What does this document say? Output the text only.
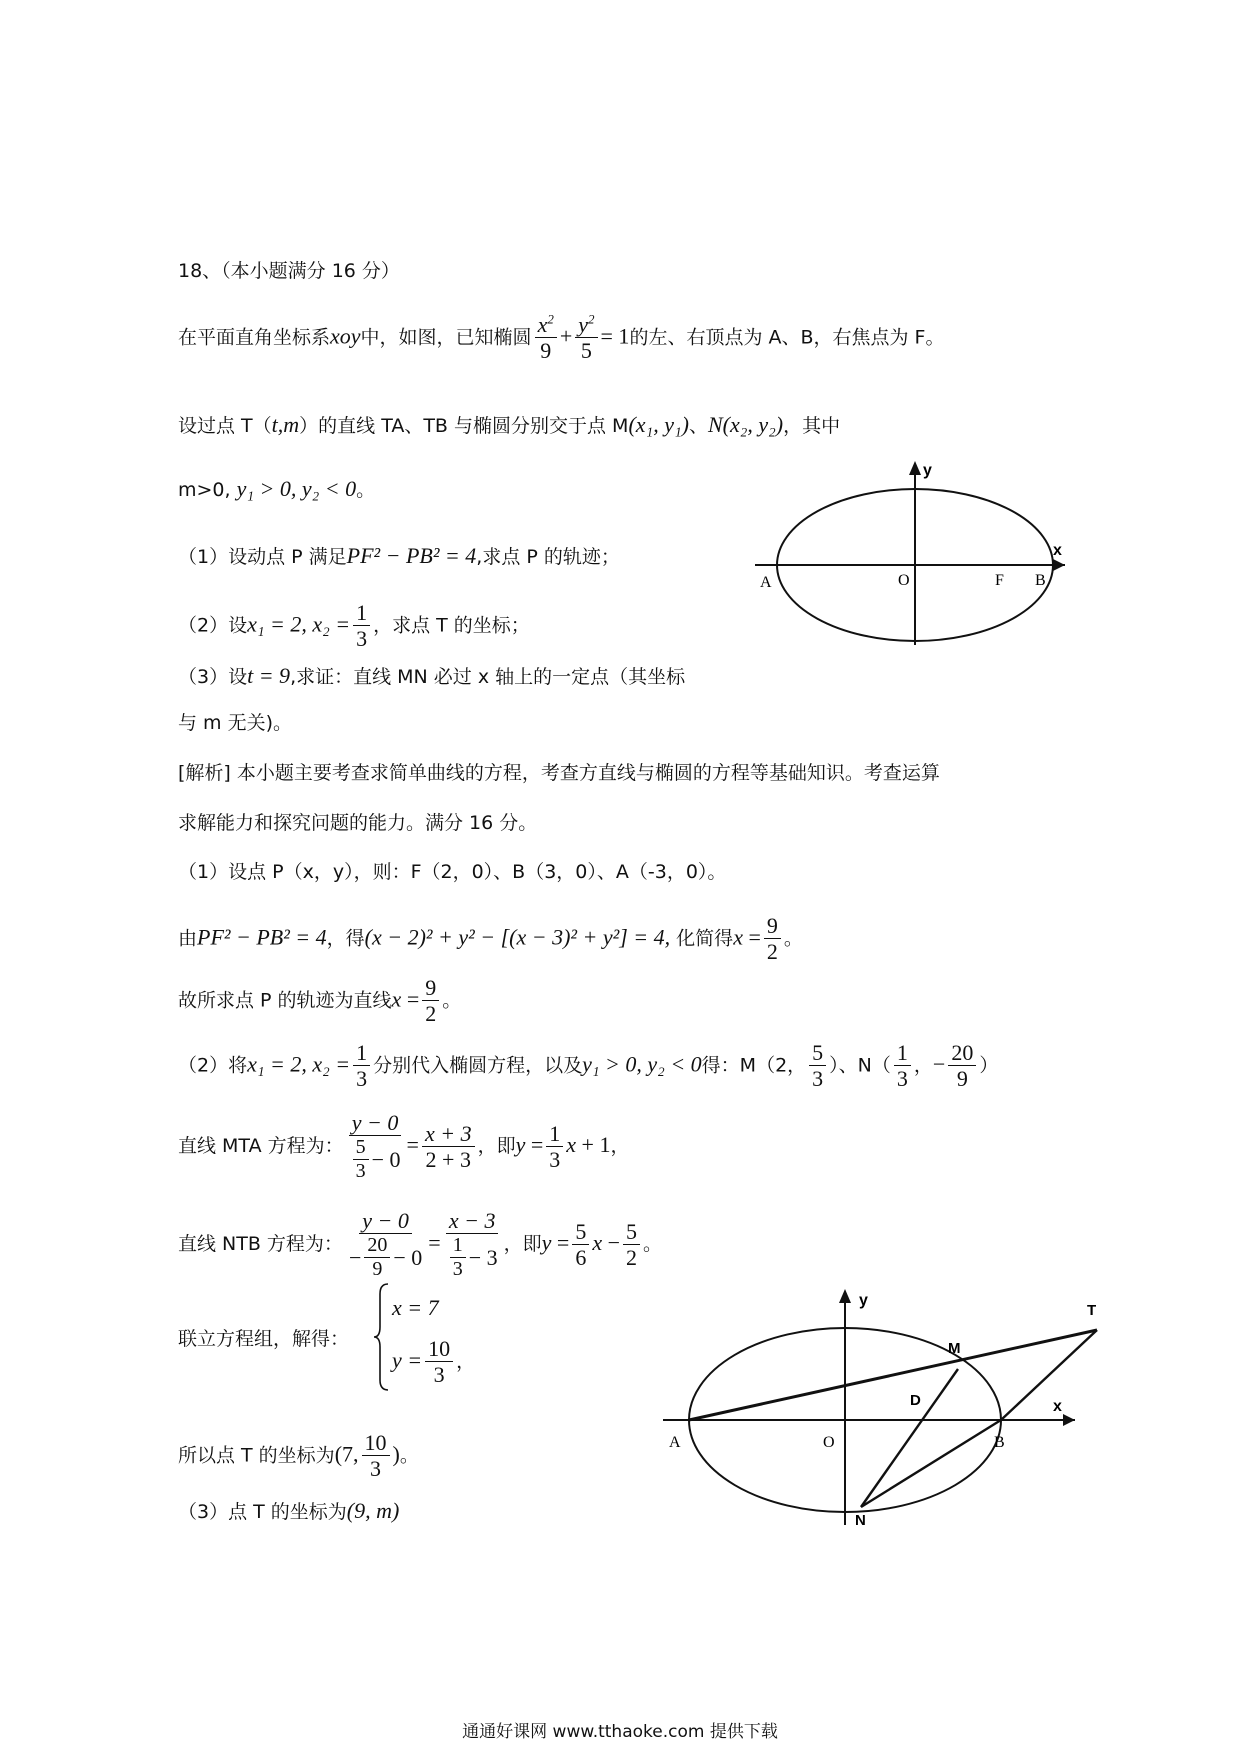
18、（本小题满分 16 分）
在平面直角坐标系xoy中，如图，已知椭圆 $\frac{x^2}{9} + \frac{y^2}{5} = 1$的左、右顶点为 A、B，右焦点为 F。
设过点 T（t,m）的直线 TA、TB 与椭圆分别交于点 M(x₁, y₁)、N(x₂, y₂)，其中
m>0, y₁ > 0, y₂ < 0。
（1）设动点 P 满足PF² − PB² = 4,求点 P 的轨迹；
（2）设x₁ = 2, $x_2 = \frac{1}{3}$ ，求点 T 的坐标；
（3）设t = 9,求证：直线 MN 必过 x 轴上的一定点（其坐标
与 m 无关)。
y
x
A	O	F B
[解析] 本小题主要考查求简单曲线的方程，考查方直线与椭圆的方程等基础知识。考查运算
求解能力和探究问题的能力。满分 16 分。
（1）设点 P（x，y），则：F（2，0）、B（3，0）、A（-3，0）。
由PF² − PB² = 4，得(x − 2)² + y² − [(x − 3)² + y²] = 4, 化简得$x = \frac{9}{2}$ 。
故所求点 P 的轨迹为直线$x = \frac{9}{2}$ 。
（2）将x₁ = 2, $x_2 = \frac{1}{3}$ 分别代入椭圆方程，以及y₁ > 0, y₂ < 0得：M（2， $\frac{5}{3}$ ）、$N( \frac{1}{3}$ ，− $\frac{20}{9}$ ）
直线 MTA 方程为： $\frac{y - 0}{\frac{5}{3} - 0} = \frac{x + 3}{2 + 3}$ ，即$y = \frac{1}{3}$ x + 1，
直线 NTB 方程为： $\frac{y - 0}{- \frac{20}{9} - 0} = \frac{x - 3}{\frac{1}{3} - 3}$ ，即$y = \frac{5}{6}$ $x - \frac{5}{2}$ 。
联立方程组，解得：
x = 7
$y = \frac{10}{3}$ ，
所以点 T 的坐标为(7, $\frac{10}{3}$ )。
（3）点 T 的坐标为(9, m)
y
x
A	O	B
M
N
D
T
通通好课网 www.tthaoke.com 提供下载
